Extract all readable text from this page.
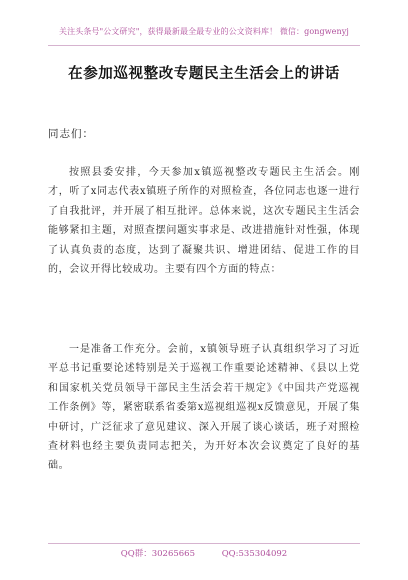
关注头条号"公文研究"，获得最新最全最专业的公文资料库！ 微信：gongwenyj
在参加巡视整改专题民主生活会上的讲话
同志们：

按照县委安排，今天参加x镇巡视整改专题民主生活会。刚才，听了x同志代表x镇班子所作的对照检查，各位同志也逐一进行了自我批评，并开展了相互批评。总体来说，这次专题民主生活会能够紧扣主题，对照查摆问题实事求是、改进措施针对性强，体现了认真负责的态度，达到了凝聚共识、增进团结、促进工作的目的，会议开得比较成功。主要有四个方面的特点：

一是准备工作充分。会前，x镇领导班子认真组织学习了习近平总书记重要论述特别是关于巡视工作重要论述精神、《县以上党和国家机关党员领导干部民主生活会若干规定》《中国共产党巡视工作条例》等，紧密联系省委第x巡视组巡视x反馈意见，开展了集中研讨，广泛征求了意见建议、深入开展了谈心谈话，班子对照检查材料也经主要负责同志把关，为开好本次会议奠定了良好的基础。

QQ群：30265665	QQ:535304092
